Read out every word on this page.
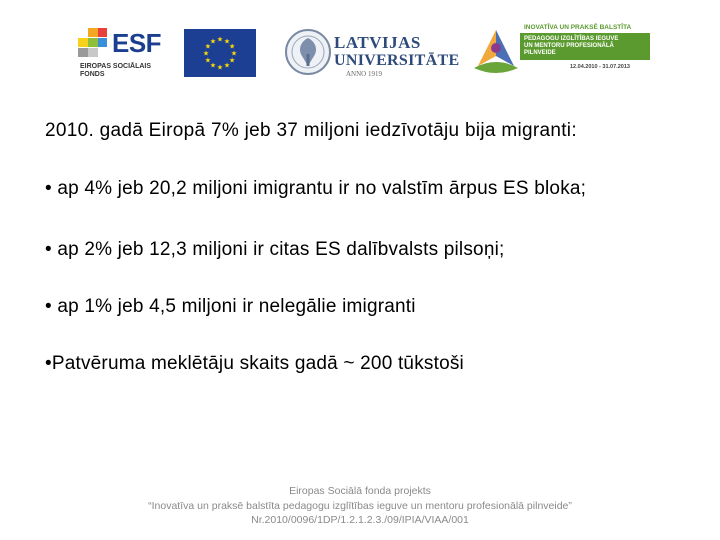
ESF
EIROPAS SOCIĀLAIS
FONDS
★ ★
★
★
★
★
★
★
★
★
★
★	LATVIJAS
UNIVERSITĀTE
ANNO 1919
INOVATĪVA UN PRAKSĒ BALSTĪTA
PEDAGOGU IZGLĪTĪBAS IEGUVE
UN MENTORU PROFESIONĀLĀ PILNVEIDE
12.04.2010 - 31.07.2013

2010. gadā Eiropā 7% jeb 37 miljoni iedzīvotāju bija migranti:

• ap 4% jeb 20,2 miljoni imigrantu ir no valstīm ārpus ES bloka;

• ap 2% jeb 12,3 miljoni ir citas ES dalībvalsts pilsoņi;

• ap 1% jeb 4,5 miljoni ir nelegālie imigranti

•Patvēruma meklētāju skaits gadā ~ 200 tūkstoši

Eiropas Sociālā fonda projekts
“Inovatīva un praksē balstīta pedagogu izglītības ieguve un mentoru profesionālā pilnveide”
Nr.2010/0096/1DP/1.2.1.2.3./09/IPIA/VIAA/001
